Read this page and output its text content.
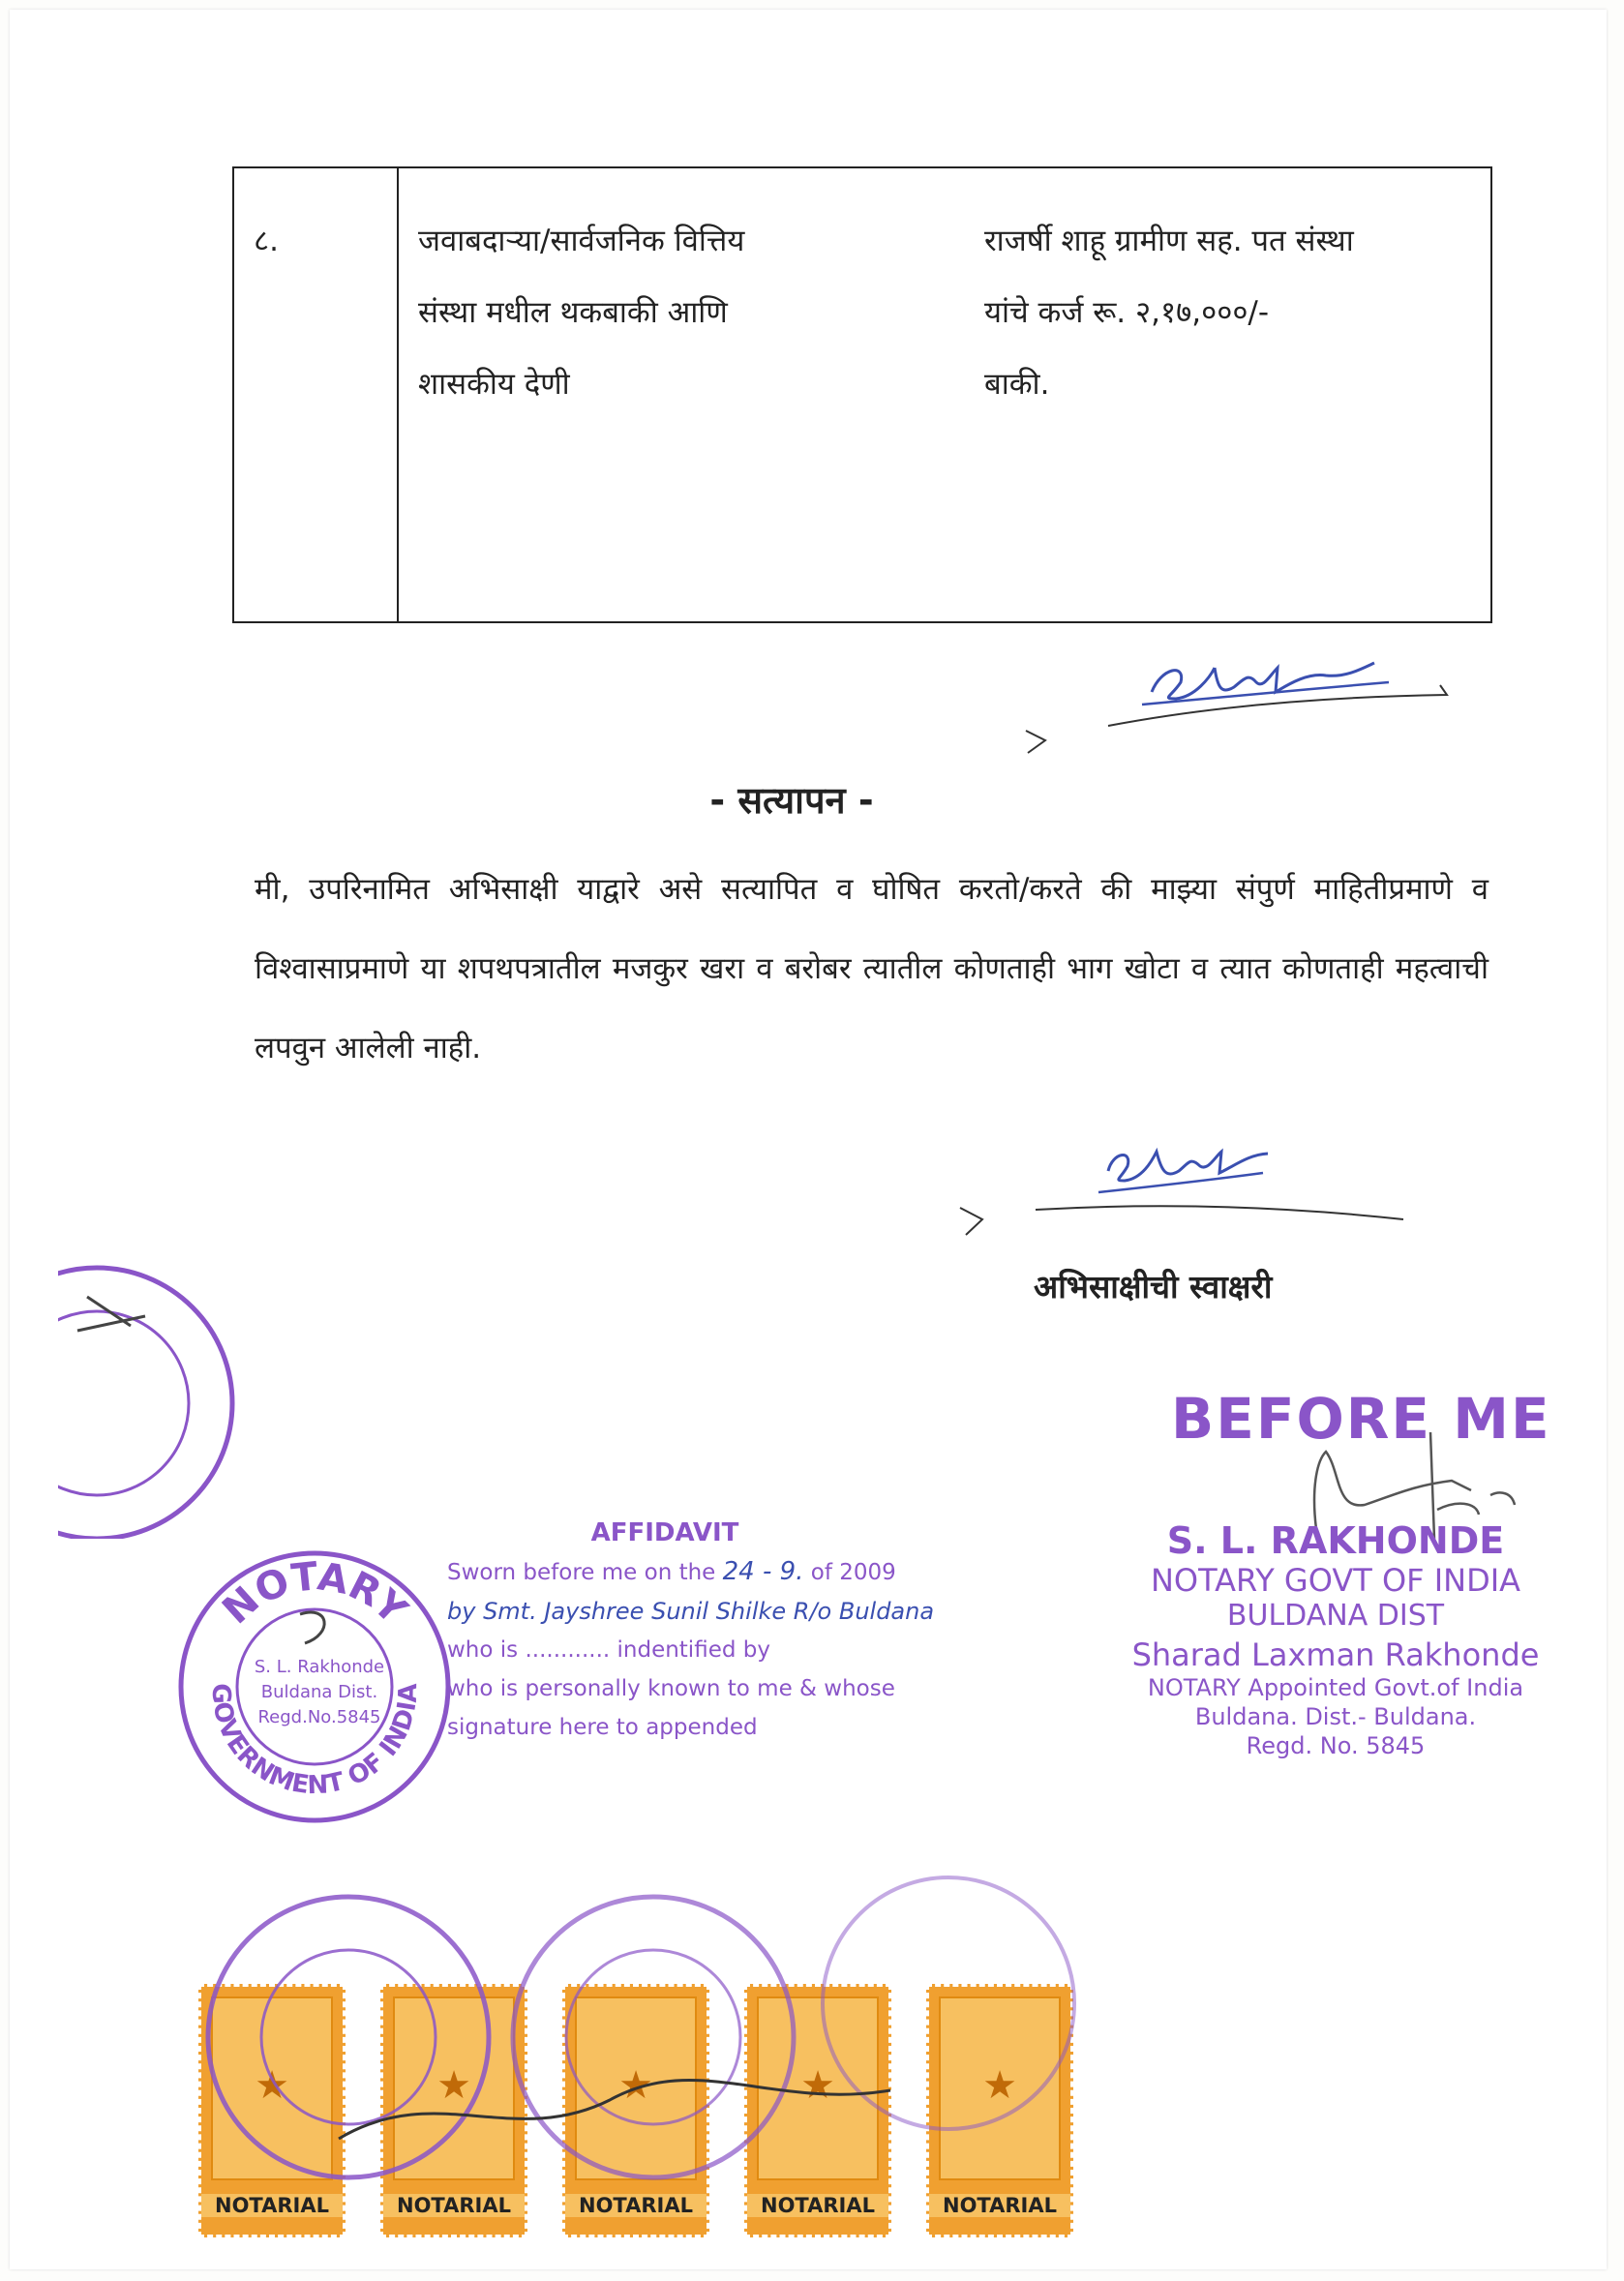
८.	जवाबदाऱ्या/सार्वजनिक वित्तिय
संस्था मधील थकबाकी आणि
शासकीय देणी
राजर्षी शाहू ग्रामीण सह. पत संस्था
यांचे कर्ज रू. २,१७,०००/-
बाकी.
- सत्यापन -
मी, उपरिनामित अभिसाक्षी याद्वारे असे सत्यापित व घोषित करतो/करते की माझ्या संपुर्ण माहितीप्रमाणे व विश्वासाप्रमाणे या शपथपत्रातील मजकुर खरा व बरोबर त्यातील कोणताही भाग खोटा व त्यात कोणताही महत्वाची लपवुन आलेली नाही.
अभिसाक्षीची स्वाक्षरी
BEFORE ME
S. L. RAKHONDE
NOTARY GOVT OF INDIA
BULDANA DIST
Sharad Laxman Rakhonde
NOTARY Appointed Govt.of India
Buldana. Dist.- Buldana.
Regd. No. 5845
NOTARY
GOVERNMENT OF INDIA
S. L. Rakhonde
Buldana Dist.
Regd.No.5845
AFFIDAVIT
Sworn before me on the 24 - 9. of 2009
by Smt. Jayshree Sunil Shilke R/o Buldana
who is ............ indentified by
who is personally known to me & whose
signature here to appended
★
NOTARIAL
★
NOTARIAL
★
NOTARIAL
★
NOTARIAL
★
NOTARIAL
